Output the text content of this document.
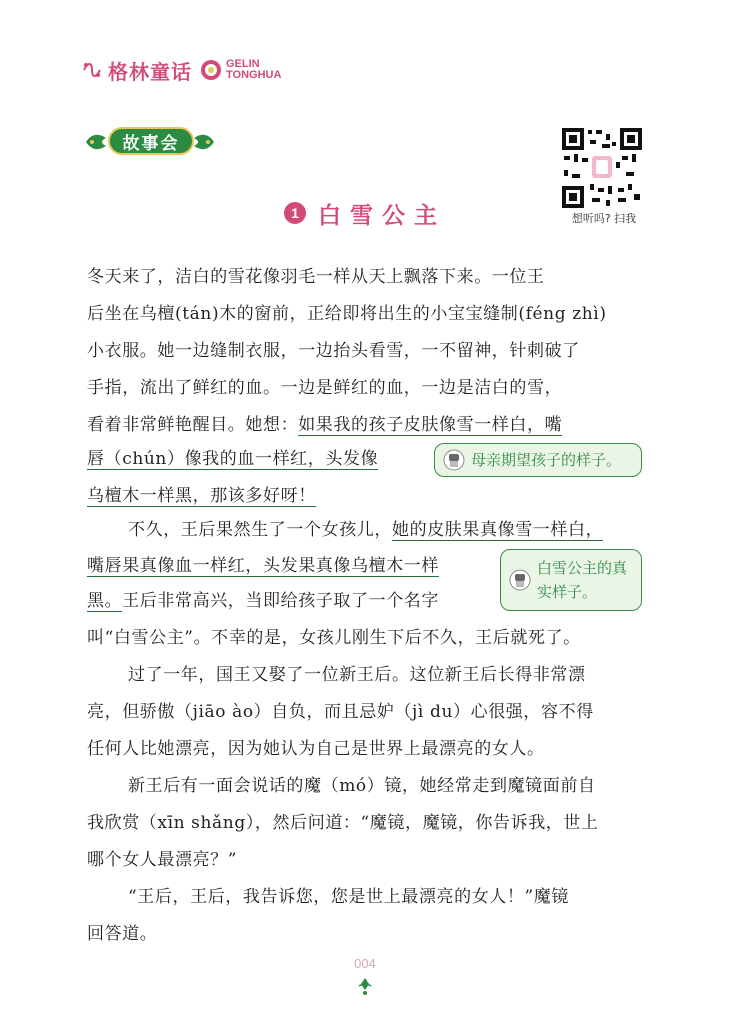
格林童话	GELIN
TONGHUA
故事会
想听吗? 扫我
1 白雪公主
冬天来了，洁白的雪花像羽毛一样从天上飘落下来。一位王
后坐在乌檀(tán)木的窗前，正给即将出生的小宝宝缝制(féng zhì)
小衣服。她一边缝制衣服，一边抬头看雪，一不留神，针刺破了
手指，流出了鲜红的血。一边是鲜红的血，一边是洁白的雪，
看着非常鲜艳醒目。她想：如果我的孩子皮肤像雪一样白，嘴
唇（chún）像我的血一样红，头发像
乌檀木一样黑，那该多好呀！
不久，王后果然生了一个女孩儿，她的皮肤果真像雪一样白，
嘴唇果真像血一样红，头发果真像乌檀木一样
黑。王后非常高兴，当即给孩子取了一个名字
叫“白雪公主”。不幸的是，女孩儿刚生下后不久，王后就死了。
过了一年，国王又娶了一位新王后。这位新王后长得非常漂
亮，但骄傲（jiāo ào）自负，而且忌妒（jì du）心很强，容不得
任何人比她漂亮，因为她认为自己是世界上最漂亮的女人。
新王后有一面会说话的魔（mó）镜，她经常走到魔镜面前自
我欣赏（xīn shǎng），然后问道：“魔镜，魔镜，你告诉我，世上
哪个女人最漂亮？”
“王后，王后，我告诉您，您是世上最漂亮的女人！”魔镜
回答道。
母亲期望孩子的样子。
白雪公主的真实样子。
004
